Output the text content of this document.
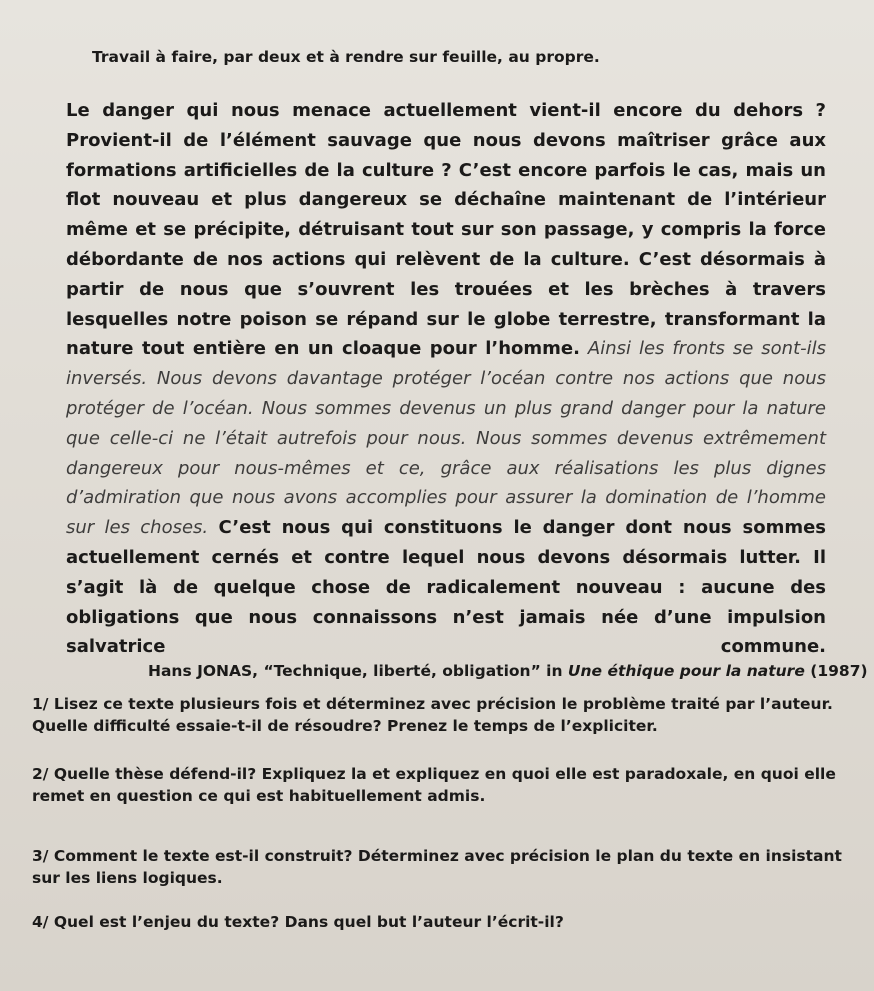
Travail à faire, par deux et à rendre sur feuille, au propre.
Le danger qui nous menace actuellement vient-il encore du dehors ? Provient-il de l’élément sauvage que nous devons maîtriser grâce aux formations artificielles de la culture ? C’est encore parfois le cas, mais un flot nouveau et plus dangereux se déchaîne maintenant de l’intérieur même et se précipite, détruisant tout sur son passage, y compris la force débordante de nos actions qui relèvent de la culture. C’est désormais à partir de nous que s’ouvrent les trouées et les brèches à travers lesquelles notre poison se répand sur le globe terrestre, transformant la nature tout entière en un cloaque pour l’homme. Ainsi les fronts se sont-ils inversés. Nous devons davantage protéger l’océan contre nos actions que nous protéger de l’océan. Nous sommes devenus un plus grand danger pour la nature que celle-ci ne l’était autrefois pour nous. Nous sommes devenus extrêmement dangereux pour nous-mêmes et ce, grâce aux réalisations les plus dignes d’admiration que nous avons accomplies pour assurer la domination de l’homme sur les choses. C’est nous qui constituons le danger dont nous sommes actuellement cernés et contre lequel nous devons désormais lutter. Il s’agit là de quelque chose de radicalement nouveau : aucune des obligations que nous connaissons n’est jamais née d’une impulsion salvatrice commune.
Hans JONAS, “Technique, liberté, obligation” in Une éthique pour la nature (1987)
1/ Lisez ce texte plusieurs fois et déterminez avec précision le problème traité par l’auteur. Quelle difficulté essaie-t-il de résoudre? Prenez le temps de l’expliciter.
2/ Quelle thèse défend-il? Expliquez la et expliquez en quoi elle est paradoxale, en quoi elle remet en question ce qui est habituellement admis.
3/ Comment le texte est-il construit? Déterminez avec précision le plan du texte en insistant sur les liens logiques.
4/ Quel est l’enjeu du texte? Dans quel but l’auteur l’écrit-il?
